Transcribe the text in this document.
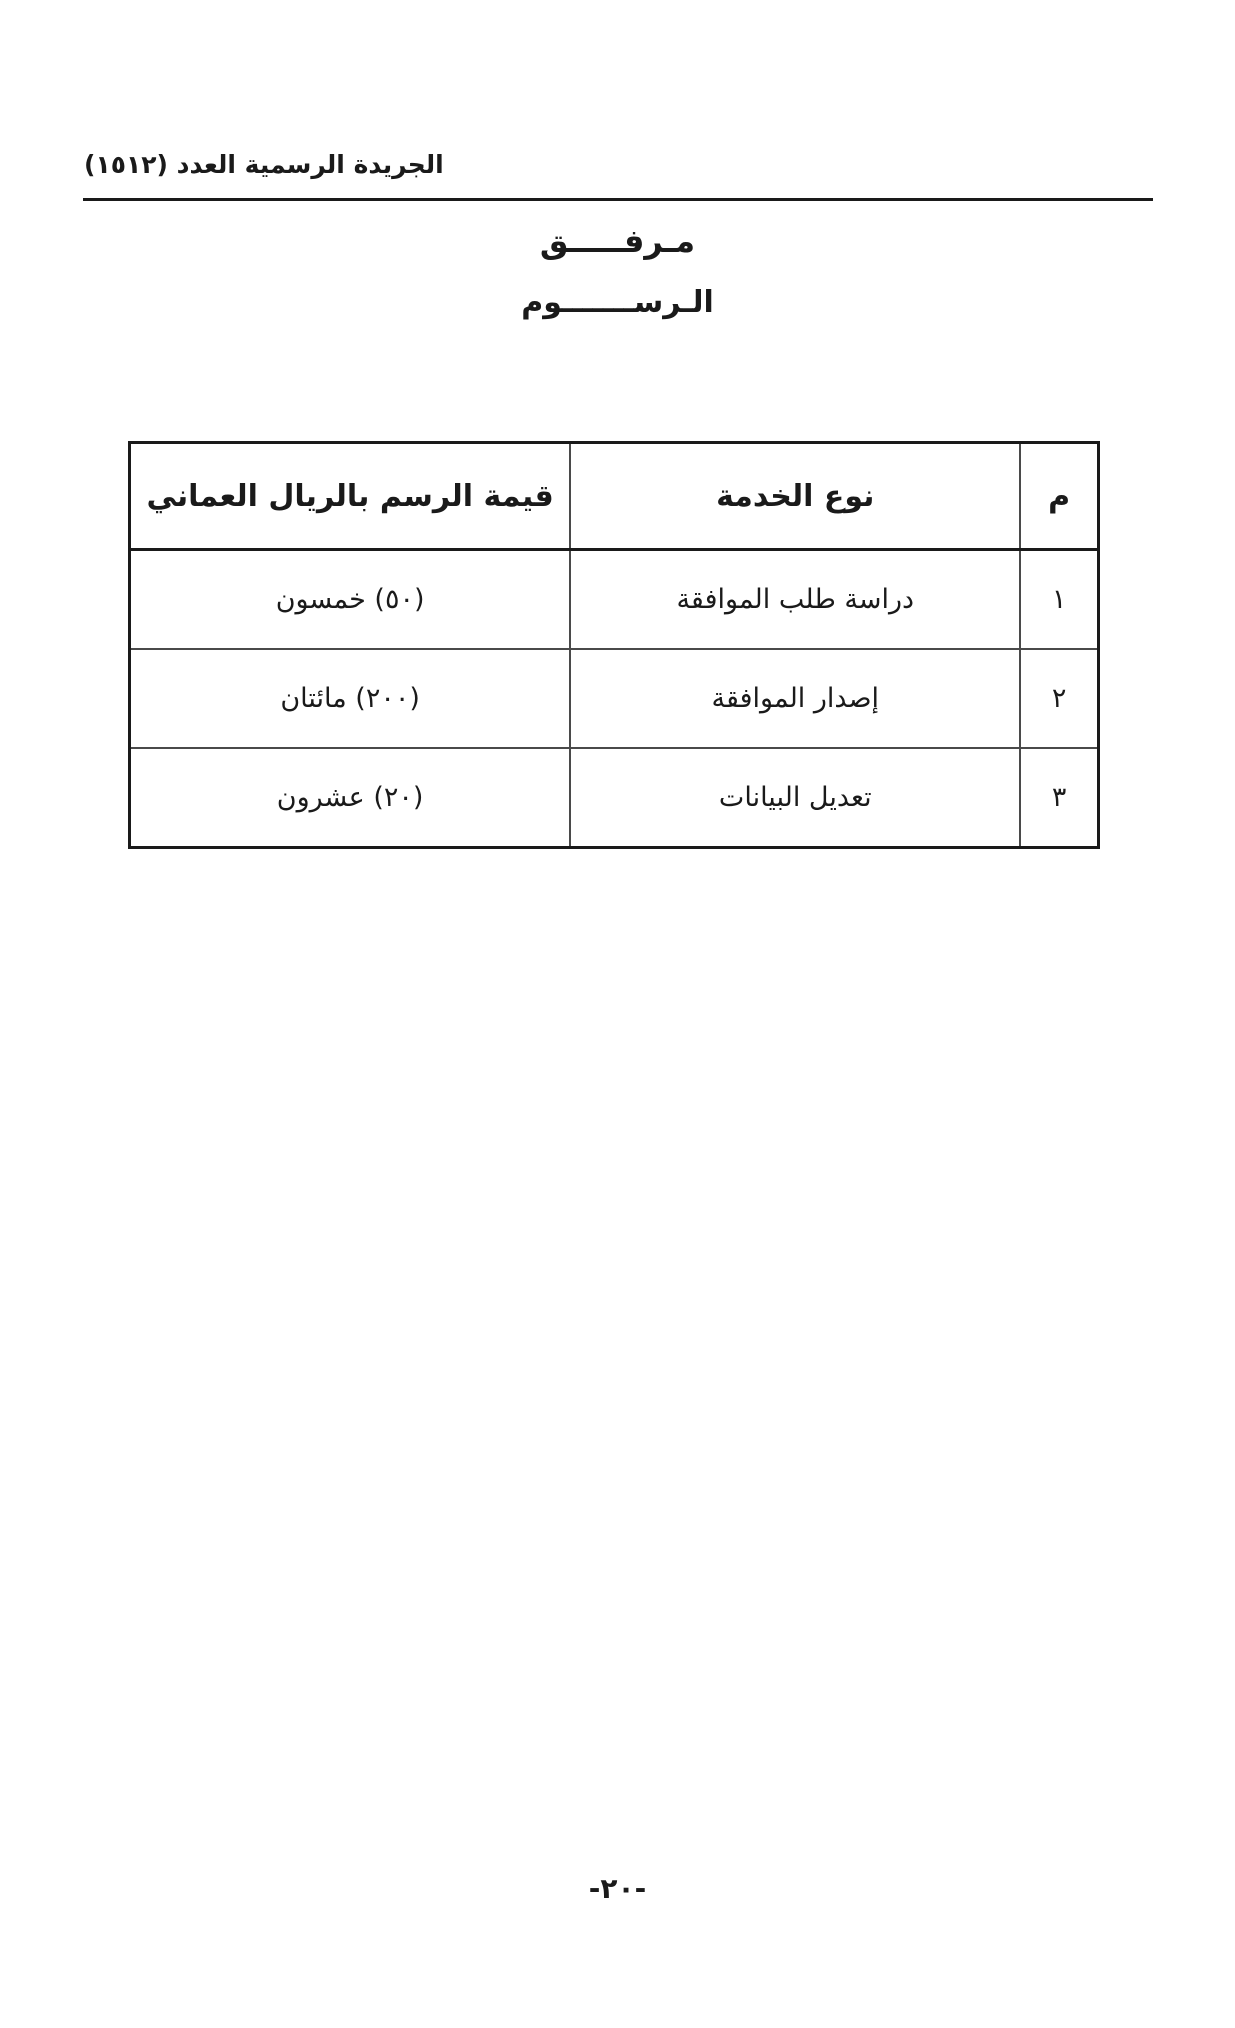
الجريدة الرسمية العدد (١٥١٢)
مـرفـــــق
الـرســـــــوم
م	نوع الخدمة	قيمة الرسم بالريال العماني
١	دراسة طلب الموافقة	(٥٠) خمسون
٢	إصدار الموافقة	(٢٠٠) مائتان
٣	تعديل البيانات	(٢٠) عشرون
-٢٠-
